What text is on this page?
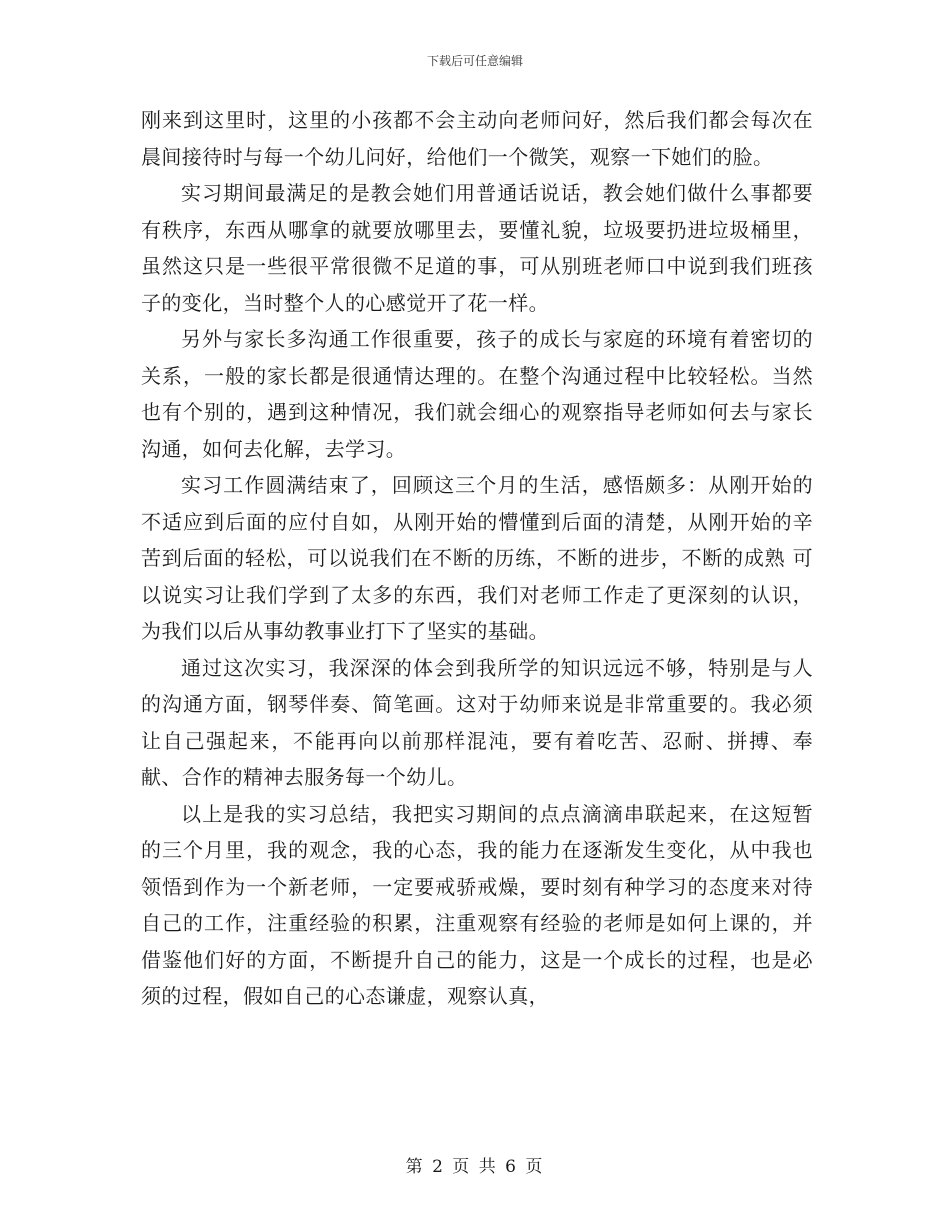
下载后可任意编辑

刚来到这里时，这里的小孩都不会主动向老师问好，然后我们都会每次在晨间接待时与每一个幼儿问好，给他们一个微笑，观察一下她们的脸。

实习期间最满足的是教会她们用普通话说话，教会她们做什么事都要有秩序，东西从哪拿的就要放哪里去，要懂礼貌，垃圾要扔进垃圾桶里，虽然这只是一些很平常很微不足道的事，可从别班老师口中说到我们班孩子的变化，当时整个人的心感觉开了花一样。

另外与家长多沟通工作很重要，孩子的成长与家庭的环境有着密切的关系，一般的家长都是很通情达理的。在整个沟通过程中比较轻松。当然也有个别的，遇到这种情况，我们就会细心的观察指导老师如何去与家长沟通，如何去化解，去学习。

实习工作圆满结束了，回顾这三个月的生活，感悟颇多：从刚开始的不适应到后面的应付自如，从刚开始的懵懂到后面的清楚，从刚开始的辛苦到后面的轻松，可以说我们在不断的历练，不断的进步，不断的成熟 可以说实习让我们学到了太多的东西，我们对老师工作走了更深刻的认识，为我们以后从事幼教事业打下了坚实的基础。

通过这次实习，我深深的体会到我所学的知识远远不够，特别是与人的沟通方面，钢琴伴奏、简笔画。这对于幼师来说是非常重要的。我必须让自己强起来，不能再向以前那样混沌，要有着吃苦、忍耐、拼搏、奉献、合作的精神去服务每一个幼儿。

以上是我的实习总结，我把实习期间的点点滴滴串联起来，在这短暂的三个月里，我的观念，我的心态，我的能力在逐渐发生变化，从中我也领悟到作为一个新老师，一定要戒骄戒燥，要时刻有种学习的态度来对待自己的工作，注重经验的积累，注重观察有经验的老师是如何上课的，并借鉴他们好的方面，不断提升自己的能力，这是一个成长的过程，也是必须的过程，假如自己的心态谦虚，观察认真，

第 2 页 共 6 页
